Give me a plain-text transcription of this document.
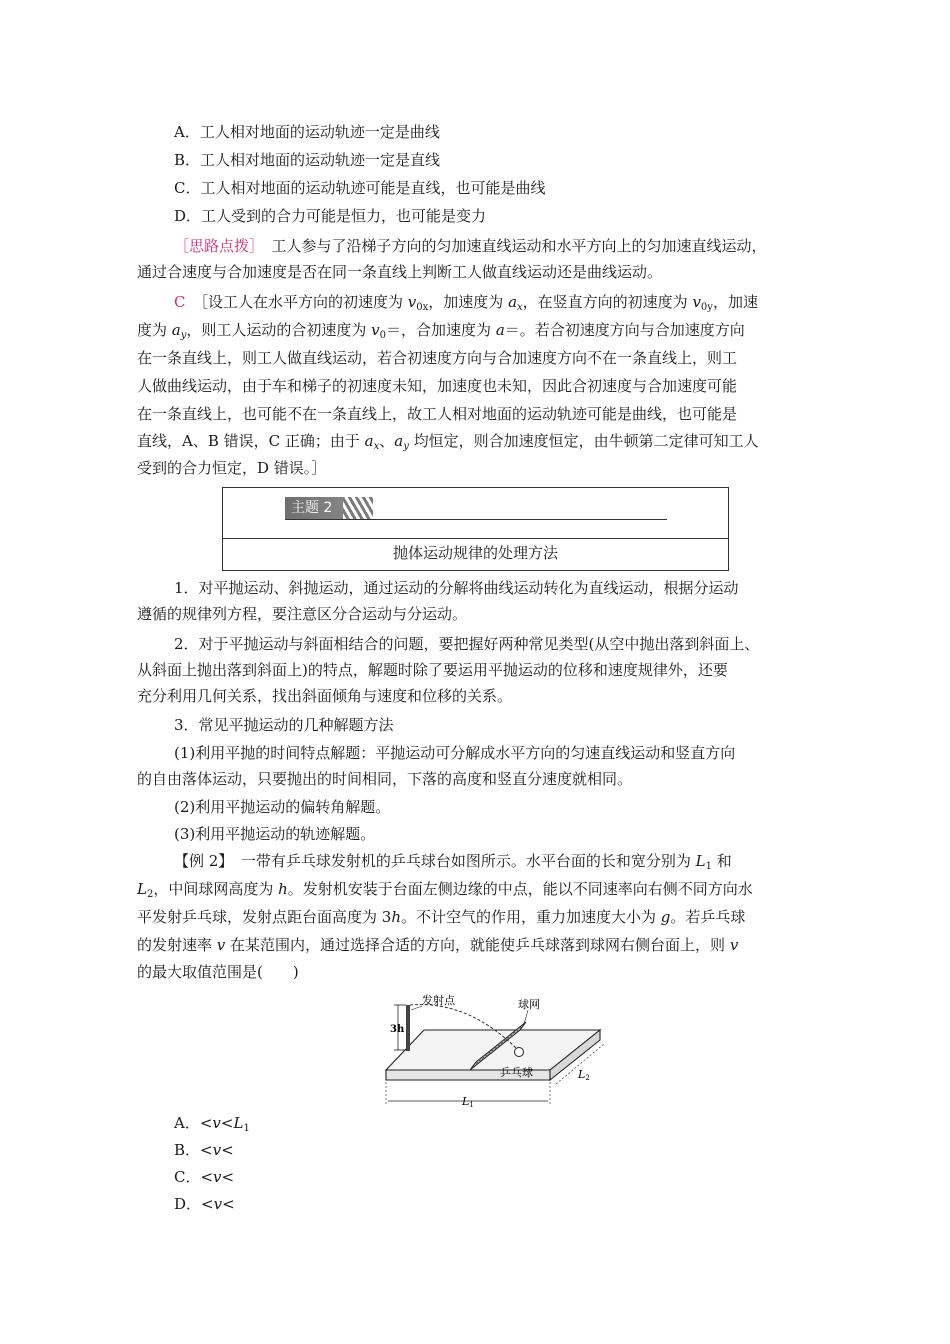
A．工人相对地面的运动轨迹一定是曲线
B．工人相对地面的运动轨迹一定是直线
C．工人相对地面的运动轨迹可能是直线，也可能是曲线
D．工人受到的合力可能是恒力，也可能是变力
［思路点拨］　工人参与了沿梯子方向的匀加速直线运动和水平方向上的匀加速直线运动，
通过合速度与合加速度是否在同一条直线上判断工人做直线运动还是曲线运动。
C　 ［设工人在水平方向的初速度为 $v_{0x}$，加速度为 $a_x$，在竖直方向的初速度为 $v_{0y}$，加速
度为 $a_y$，则工人运动的合初速度为 $v_0=$，合加速度为 a＝。若合初速度方向与合加速度方向
在一条直线上，则工人做直线运动，若合初速度方向与合加速度方向不在一条直线上，则工
人做曲线运动，由于车和梯子的初速度未知，加速度也未知，因此合初速度与合加速度可能
在一条直线上，也可能不在一条直线上，故工人相对地面的运动轨迹可能是曲线，也可能是
直线，A、B 错误，C 正确；由于 $a_x$、$a_y$ 均恒定，则合加速度恒定，由牛顿第二定律可知工人
受到的合力恒定，D 错误。］
主题 2
抛体运动规律的处理方法
1．对平抛运动、斜抛运动，通过运动的分解将曲线运动转化为直线运动，根据分运动
遵循的规律列方程，要注意区分合运动与分运动。
2．对于平抛运动与斜面相结合的问题，要把握好两种常见类型(从空中抛出落到斜面上、
从斜面上抛出落到斜面上)的特点，解题时除了要运用平抛运动的位移和速度规律外，还要
充分利用几何关系，找出斜面倾角与速度和位移的关系。
3．常见平抛运动的几种解题方法
(1)利用平抛的时间特点解题：平抛运动可分解成水平方向的匀速直线运动和竖直方向
的自由落体运动，只要抛出的时间相同，下落的高度和竖直分速度就相同。
(2)利用平抛运动的偏转角解题。
(3)利用平抛运动的轨迹解题。
【例 2】　一带有乒乓球发射机的乒乓球台如图所示。水平台面的长和宽分别为 $L_1$ 和
$L_2$，中间球网高度为 h。发射机安装于台面左侧边缘的中点，能以不同速率向右侧不同方向水
平发射乒乓球，发射点距台面高度为 3h。不计空气的作用，重力加速度大小为 g。若乒乓球
的发射速率 v 在某范围内，通过选择合适的方向，就能使乒乓球落到球网右侧台面上，则 v
的最大取值范围是(　　)
3h
L1
L2
发射点	球网
乒乓球
A．$<v<L_1$
B．<v<
C．<v<
D．<v<
